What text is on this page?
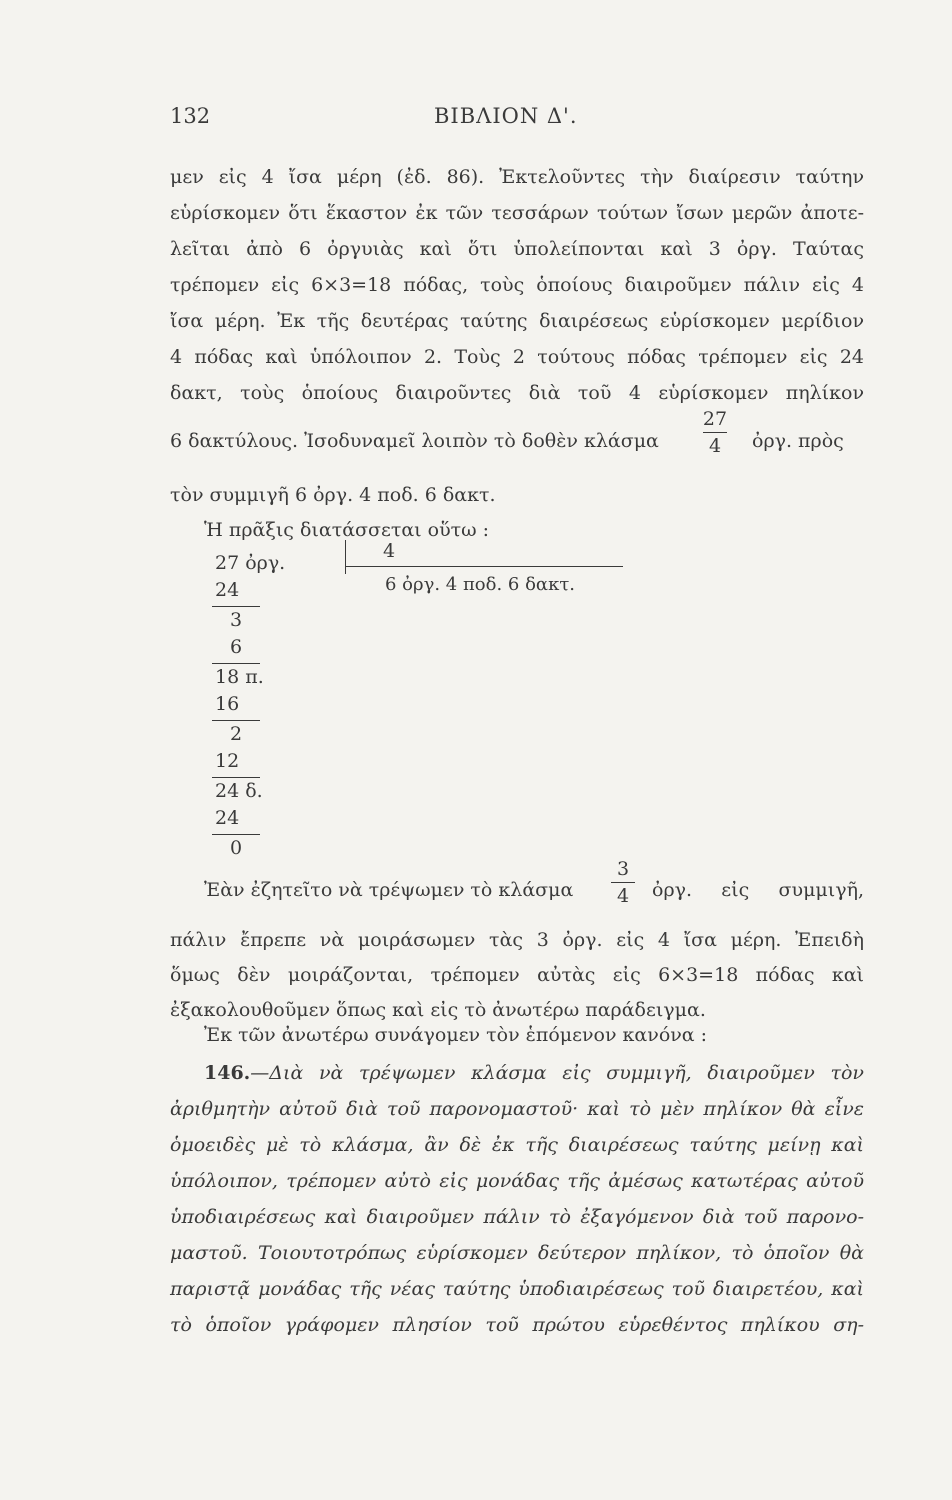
132	ΒΙΒΛΙΟΝ Δ'.
μεν εἰς 4 ἴσα μέρη (ἐδ. 86). Ἐκτελοῦντες τὴν διαίρεσιν ταύτην
εὑρίσκομεν ὅτι ἕκαστον ἐκ τῶν τεσσάρων τούτων ἴσων μερῶν ἀποτε-
λεῖται ἀπὸ 6 ὀργυιὰς καὶ ὅτι ὑπολείπονται καὶ 3 ὀργ. Ταύτας
τρέπομεν εἰς 6×3=18 πόδας, τοὺς ὁποίους διαιροῦμεν πάλιν εἰς 4
ἴσα μέρη. Ἐκ τῆς δευτέρας ταύτης διαιρέσεως εὑρίσκομεν μερίδιον
4 πόδας καὶ ὑπόλοιπον 2. Τοὺς 2 τούτους πόδας τρέπομεν εἰς 24
δακτ, τοὺς ὁποίους διαιροῦντες διὰ τοῦ 4 εὑρίσκομεν πηλίκον
6 δακτύλους. Ἰσοδυναμεῖ λοιπὸν τὸ δοθὲν κλάσμα
27
4	ὀργ. πρὸς
τὸν συμμιγῆ 6 ὀργ. 4 ποδ. 6 δακτ.
Ἡ πρᾶξις διατάσσεται οὕτω :
27 ὀργ.
24
3
6
18 π.
16
2
12
24 δ.
24
0
4
6 ὀργ. 4 ποδ. 6 δακτ.
Ἐὰν ἐζητεῖτο νὰ τρέψωμεν τὸ κλάσμα
3
4	ὀργ. εἰς συμμιγῆ,
πάλιν ἔπρεπε νὰ μοιράσωμεν τὰς 3 ὀργ. εἰς 4 ἴσα μέρη. Ἐπειδὴ
ὅμως δὲν μοιράζονται, τρέπομεν αὐτὰς εἰς 6×3=18 πόδας καὶ
ἐξακολουθοῦμεν ὅπως καὶ εἰς τὸ ἀνωτέρω παράδειγμα.
Ἐκ τῶν ἀνωτέρω συνάγομεν τὸν ἑπόμενον κανόνα :
146.—Διὰ νὰ τρέψωμεν κλάσμα εἰς συμμιγῆ, διαιροῦμεν τὸν
ἀριθμητὴν αὐτοῦ διὰ τοῦ παρονομαστοῦ· καὶ τὸ μὲν πηλίκον θὰ εἶνε
ὁμοειδὲς μὲ τὸ κλάσμα, ἂν δὲ ἐκ τῆς διαιρέσεως ταύτης μείνῃ καὶ
ὑπόλοιπον, τρέπομεν αὐτὸ εἰς μονάδας τῆς ἀμέσως κατωτέρας αὐτοῦ
ὑποδιαιρέσεως καὶ διαιροῦμεν πάλιν τὸ ἐξαγόμενον διὰ τοῦ παρονο-
μαστοῦ. Τοιουτοτρόπως εὑρίσκομεν δεύτερον πηλίκον, τὸ ὁποῖον θὰ
παριστᾷ μονάδας τῆς νέας ταύτης ὑποδιαιρέσεως τοῦ διαιρετέου, καὶ
τὸ ὁποῖον γράφομεν πλησίον τοῦ πρώτου εὑρεθέντος πηλίκου ση-
